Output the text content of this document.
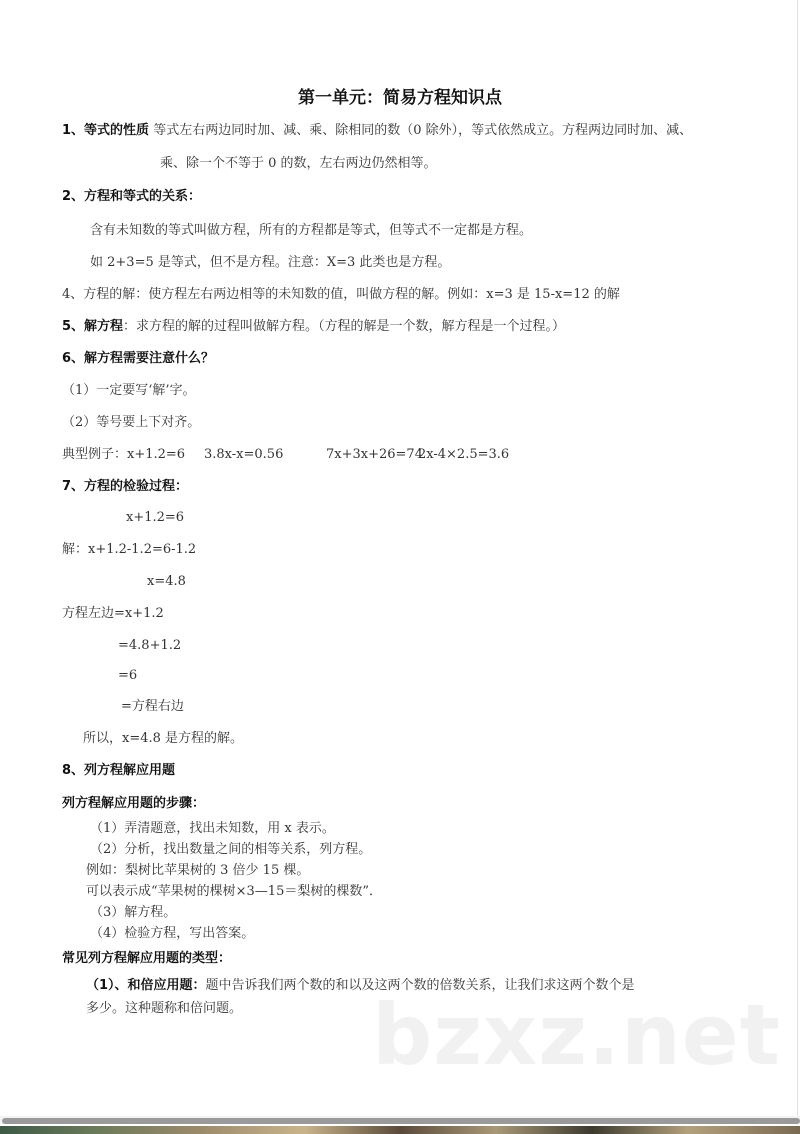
bzxz.net
第一单元：简易方程知识点
1、等式的性质 等式左右两边同时加、减、乘、除相同的数（0 除外），等式依然成立。方程两边同时加、减、
乘、除一个不等于 0 的数，左右两边仍然相等。
2、方程和等式的关系：
含有未知数的等式叫做方程，所有的方程都是等式，但等式不一定都是方程。
如 2+3=5 是等式，但不是方程。注意：X=3 此类也是方程。
4、方程的解：使方程左右两边相等的未知数的值，叫做方程的解。例如：x=3 是 15-x=12 的解
5、解方程：求方程的解的过程叫做解方程。（方程的解是一个数，解方程是一个过程。）
6、解方程需要注意什么？
（1）一定要写‘解’字。
（2）等号要上下对齐。
典型例子：x+1.2=6 3.8x-x=0.56	7x+3x+26=74
2x-4×2.5=3.6
7、方程的检验过程：
x+1.2=6
解：x+1.2-1.2=6-1.2
x=4.8
方程左边=x+1.2
=4.8+1.2
=6
=方程右边
所以，x=4.8 是方程的解。
8、列方程解应用题
列方程解应用题的步骤：
（1）弄清题意，找出未知数，用 x 表示。
（2）分析，找出数量之间的相等关系，列方程。
例如：梨树比苹果树的 3 倍少 15 棵。
可以表示成“苹果树的棵树×3—15＝梨树的棵数”．
（3）解方程。
（4）检验方程，写出答案。
常见列方程解应用题的类型：
（1）、和倍应用题：题中告诉我们两个数的和以及这两个数的倍数关系，让我们求这两个数个是
多少。这种题称和倍问题。
